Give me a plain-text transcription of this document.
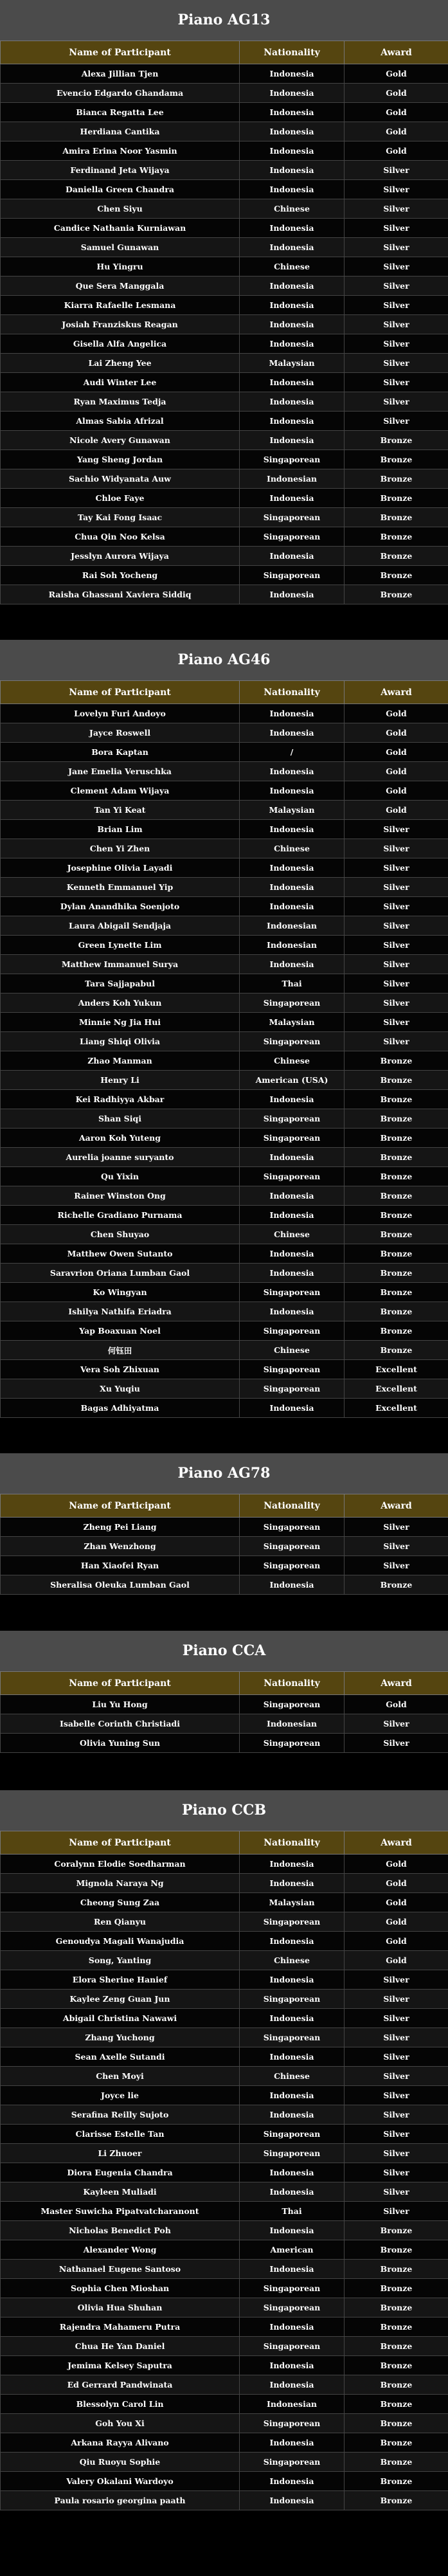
Piano AG13
Name of Participant	Nationality	Award
Alexa Jillian Tjen	Indonesia	Gold
Evencio Edgardo Ghandama	Indonesia	Gold
Bianca Regatta Lee	Indonesia	Gold
Herdiana Cantika	Indonesia	Gold
Amira Erina Noor Yasmin	Indonesia	Gold
Ferdinand Jeta Wijaya	Indonesia	Silver
Daniella Green Chandra	Indonesia	Silver
Chen Siyu	Chinese	Silver
Candice Nathania Kurniawan	Indonesia	Silver
Samuel Gunawan	Indonesia	Silver
Hu Yingru	Chinese	Silver
Que Sera Manggala	Indonesia	Silver
Kiarra Rafaelle Lesmana	Indonesia	Silver
Josiah Franziskus Reagan	Indonesia	Silver
Gisella Alfa Angelica	Indonesia	Silver
Lai Zheng Yee	Malaysian	Silver
Audi Winter Lee	Indonesia	Silver
Ryan Maximus Tedja	Indonesia	Silver
Almas Sabia Afrizal	Indonesia	Silver
Nicole Avery Gunawan	Indonesia	Bronze
Yang Sheng Jordan	Singaporean	Bronze
Sachio Widyanata Auw	Indonesian	Bronze
Chloe Faye	Indonesia	Bronze
Tay Kai Fong Isaac	Singaporean	Bronze
Chua Qin Noo Kelsa	Singaporean	Bronze
Jesslyn Aurora Wijaya	Indonesia	Bronze
Rai Soh Yocheng	Singaporean	Bronze
Raisha Ghassani Xaviera Siddiq	Indonesia	Bronze
Piano AG46
Name of Participant	Nationality	Award
Lovelyn Furi Andoyo	Indonesia	Gold
Jayce Roswell	Indonesia	Gold
Bora Kaptan	/	Gold
Jane Emelia Veruschka	Indonesia	Gold
Clement Adam Wijaya	Indonesia	Gold
Tan Yi Keat	Malaysian	Gold
Brian Lim	Indonesia	Silver
Chen Yi Zhen	Chinese	Silver
Josephine Olivia Layadi	Indonesia	Silver
Kenneth Emmanuel Yip	Indonesia	Silver
Dylan Anandhika Soenjoto	Indonesia	Silver
Laura Abigail Sendjaja	Indonesian	Silver
Green Lynette Lim	Indonesian	Silver
Matthew Immanuel Surya	Indonesia	Silver
Tara Sajjapabul	Thai	Silver
Anders Koh Yukun	Singaporean	Silver
Minnie Ng Jia Hui	Malaysian	Silver
Liang Shiqi Olivia	Singaporean	Silver
Zhao Manman	Chinese	Bronze
Henry Li	American (USA)	Bronze
Kei Radhiyya Akbar	Indonesia	Bronze
Shan Siqi	Singaporean	Bronze
Aaron Koh Yuteng	Singaporean	Bronze
Aurelia joanne suryanto	Indonesia	Bronze
Qu Yixin	Singaporean	Bronze
Rainer Winston Ong	Indonesia	Bronze
Richelle Gradiano Purnama	Indonesia	Bronze
Chen Shuyao	Chinese	Bronze
Matthew Owen Sutanto	Indonesia	Bronze
Saravrion Oriana Lumban Gaol	Indonesia	Bronze
Ko Wingyan	Singaporean	Bronze
Ishilya Nathifa Eriadra	Indonesia	Bronze
Yap Boaxuan Noel	Singaporean	Bronze
何钰田	Chinese	Bronze
Vera Soh Zhixuan	Singaporean	Excellent
Xu Yuqiu	Singaporean	Excellent
Bagas Adhiyatma	Indonesia	Excellent
Piano AG78
Name of Participant	Nationality	Award
Zheng Pei Liang	Singaporean	Silver
Zhan Wenzhong	Singaporean	Silver
Han Xiaofei Ryan	Singaporean	Silver
Sheralisa Oleuka Lumban Gaol	Indonesia	Bronze
Piano CCA
Name of Participant	Nationality	Award
Liu Yu Hong	Singaporean	Gold
Isabelle Corinth Christiadi	Indonesian	Silver
Olivia Yuning Sun	Singaporean	Silver
Piano CCB
Name of Participant	Nationality	Award
Coralynn Elodie Soedharman	Indonesia	Gold
Mignola Naraya Ng	Indonesia	Gold
Cheong Sung Zaa	Malaysian	Gold
Ren Qianyu	Singaporean	Gold
Genoudya Magali Wanajudia	Indonesia	Gold
Song, Yanting	Chinese	Gold
Elora Sherine Hanief	Indonesia	Silver
Kaylee Zeng Guan Jun	Singaporean	Silver
Abigail Christina Nawawi	Indonesia	Silver
Zhang Yuchong	Singaporean	Silver
Sean Axelle Sutandi	Indonesia	Silver
Chen Moyi	Chinese	Silver
Joyce lie	Indonesia	Silver
Serafina Reilly Sujoto	Indonesia	Silver
Clarisse Estelle Tan	Singaporean	Silver
Li Zhuoer	Singaporean	Silver
Diora Eugenia Chandra	Indonesia	Silver
Kayleen Muliadi	Indonesia	Silver
Master Suwicha Pipatvatcharanont	Thai	Silver
Nicholas Benedict Poh	Indonesia	Bronze
Alexander Wong	American	Bronze
Nathanael Eugene Santoso	Indonesia	Bronze
Sophia Chen Mioshan	Singaporean	Bronze
Olivia Hua Shuhan	Singaporean	Bronze
Rajendra Mahameru Putra	Indonesia	Bronze
Chua He Yan Daniel	Singaporean	Bronze
Jemima Kelsey Saputra	Indonesia	Bronze
Ed Gerrard Pandwinata	Indonesia	Bronze
Blessolyn Carol Lin	Indonesian	Bronze
Goh You Xi	Singaporean	Bronze
Arkana Rayya Alivano	Indonesia	Bronze
Qiu Ruoyu Sophie	Singaporean	Bronze
Valery Okalani Wardoyo	Indonesia	Bronze
Paula rosario georgina paath	Indonesia	Bronze
